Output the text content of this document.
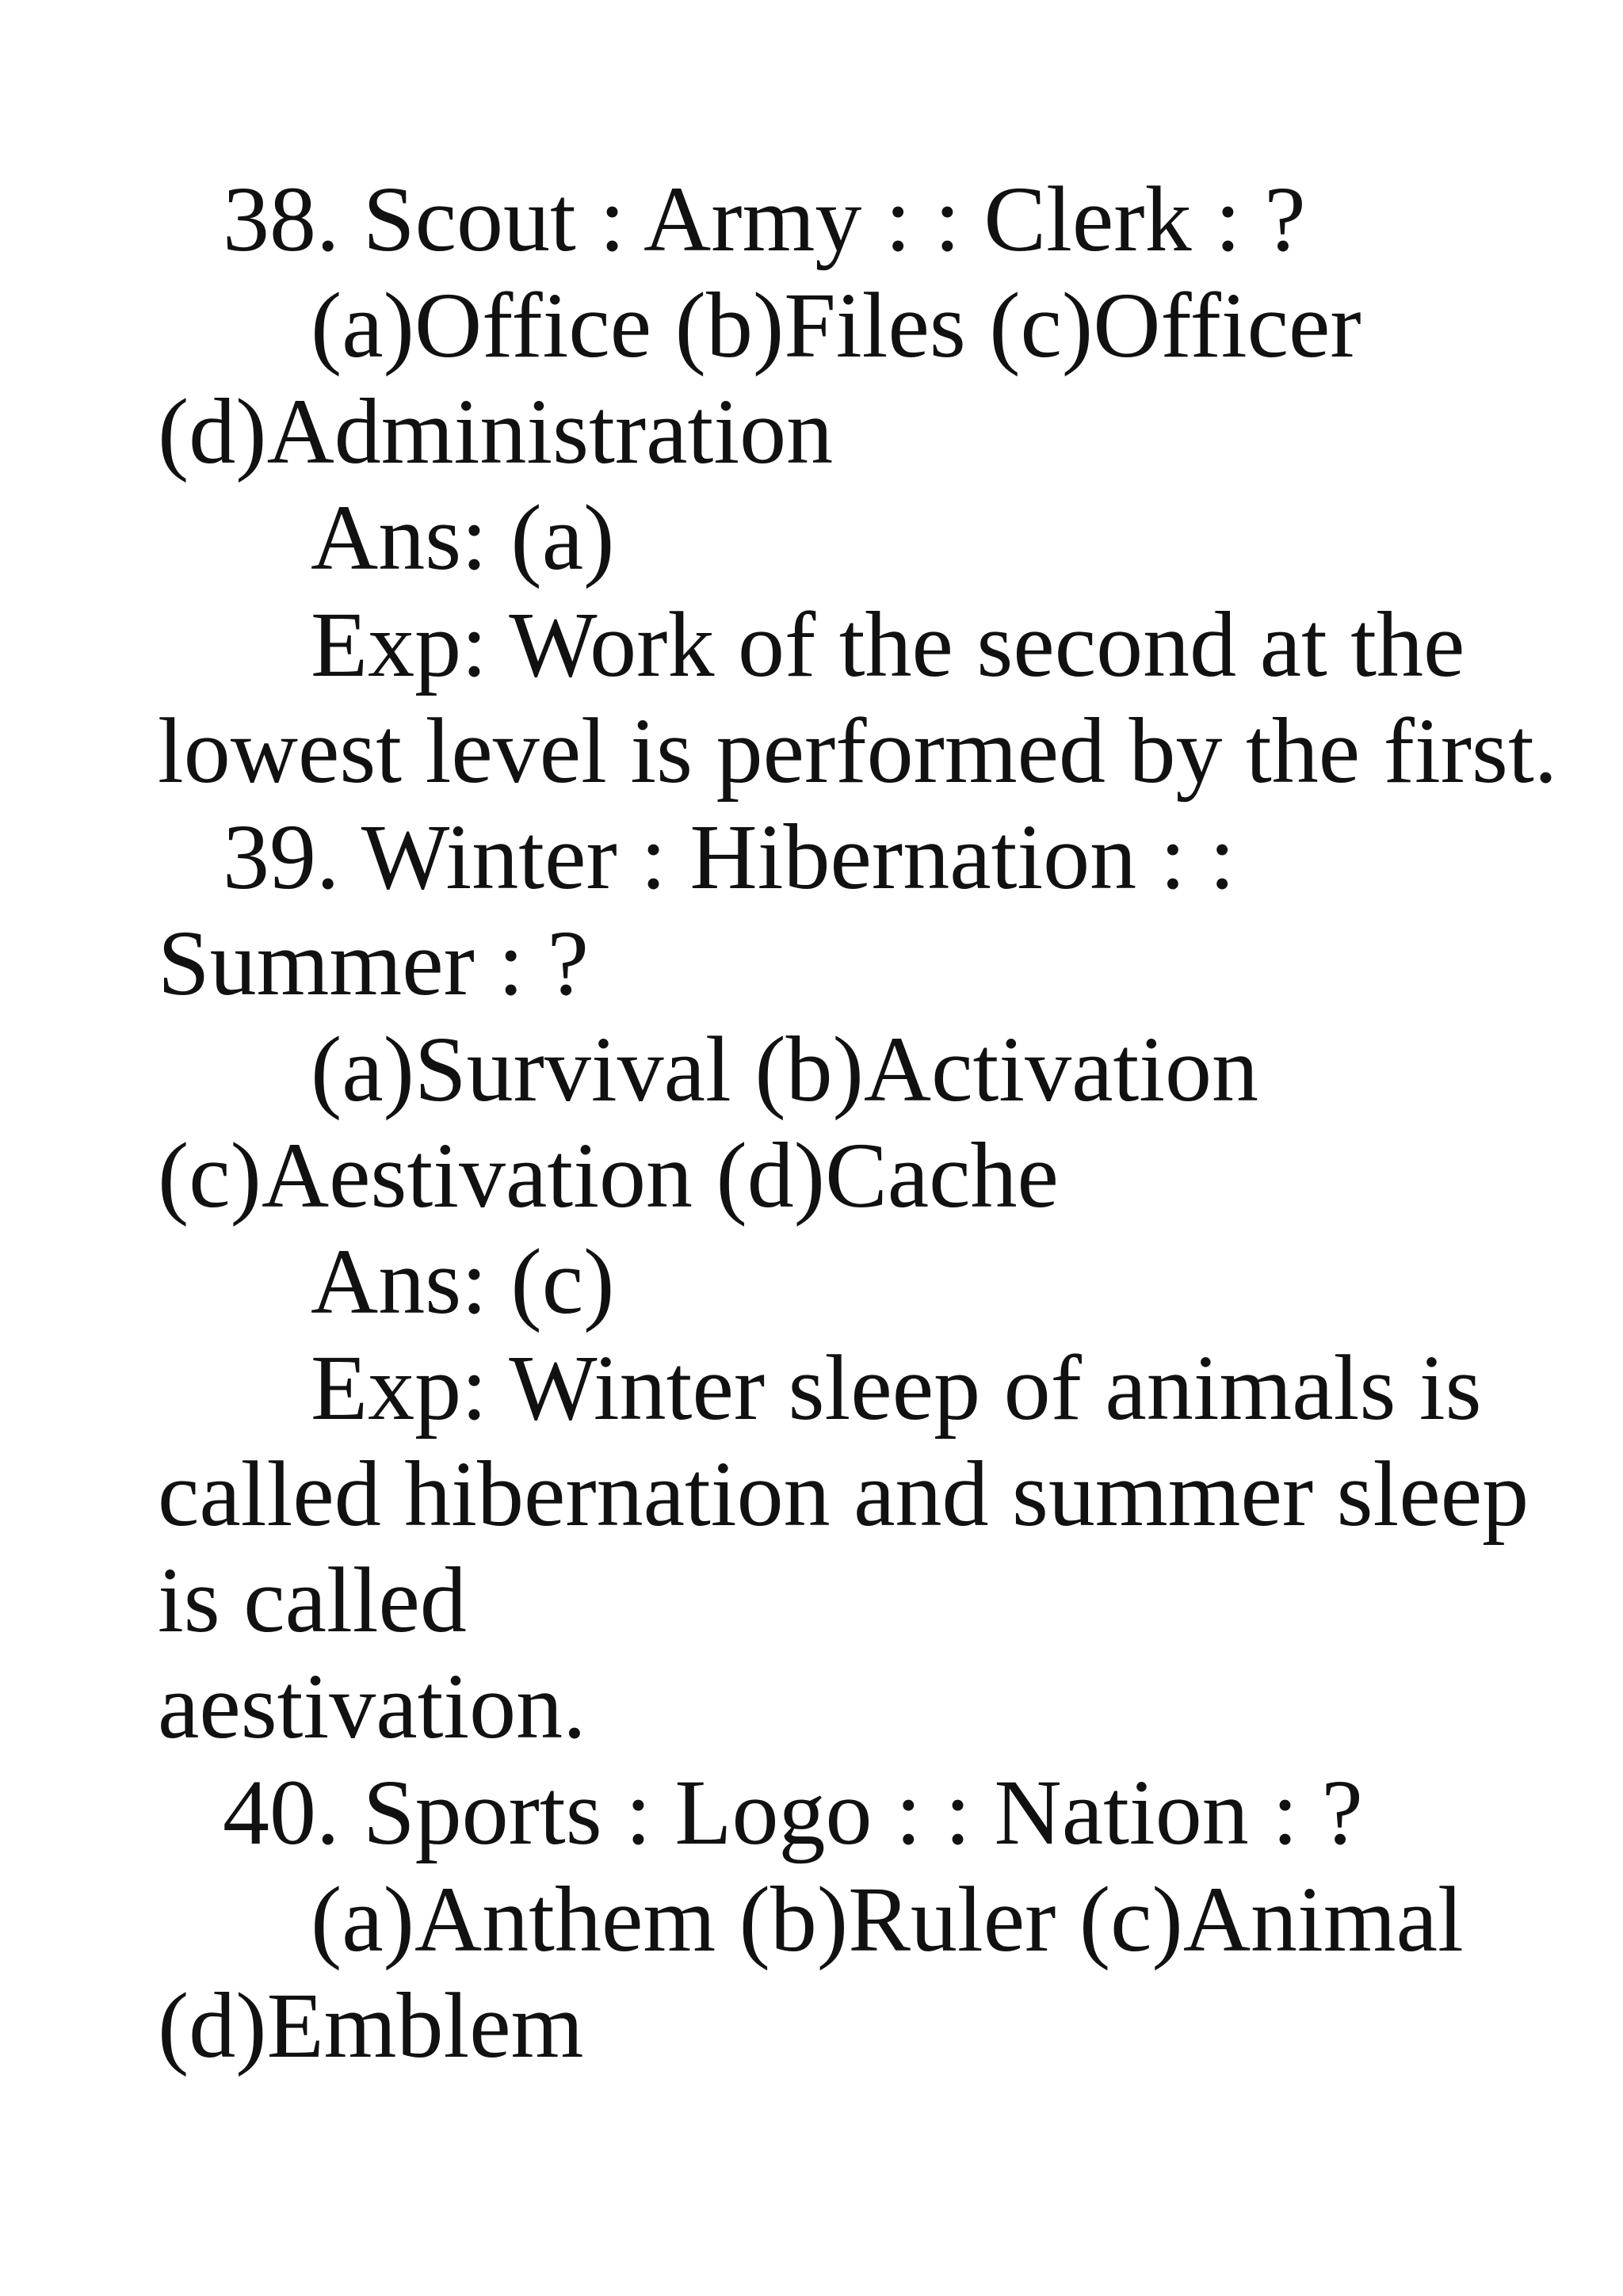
38. Scout : Army : : Clerk : ?
(a)Office (b)Files (c)Officer
(d)Administration
Ans: (a)
Exp: Work of the second at the
lowest level is performed by the first.
39. Winter : Hibernation : :
Summer : ?
(a)Survival (b)Activation
(c)Aestivation (d)Cache
Ans: (c)
Exp: Winter sleep of animals is
called hibernation and summer sleep
is called
aestivation.
40. Sports : Logo : : Nation : ?
(a)Anthem (b)Ruler (c)Animal
(d)Emblem
